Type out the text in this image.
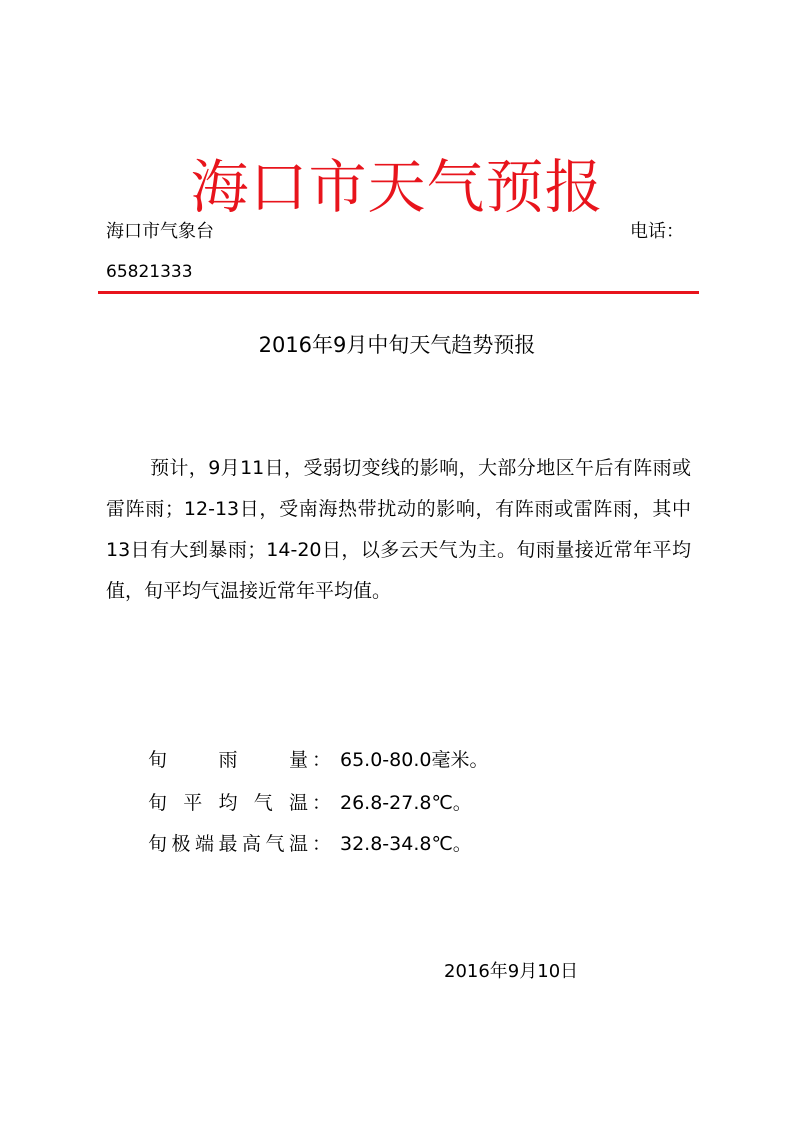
海口市天气预报
海口市气象台	电话：
65821333
2016年9月中旬天气趋势预报

预计，9月11日，受弱切变线的影响，大部分地区午后有阵雨或雷阵雨；12-13日，受南海热带扰动的影响，有阵雨或雷阵雨，其中13日有大到暴雨；14-20日，以多云天气为主。旬雨量接近常年平均值，旬平均气温接近常年平均值。

旬 雨 量 ： 65.0-80.0毫米。
旬平均气温 ： 26.8-27.8℃。
旬极端最高气温 ： 32.8-34.8℃。
2016年9月10日
